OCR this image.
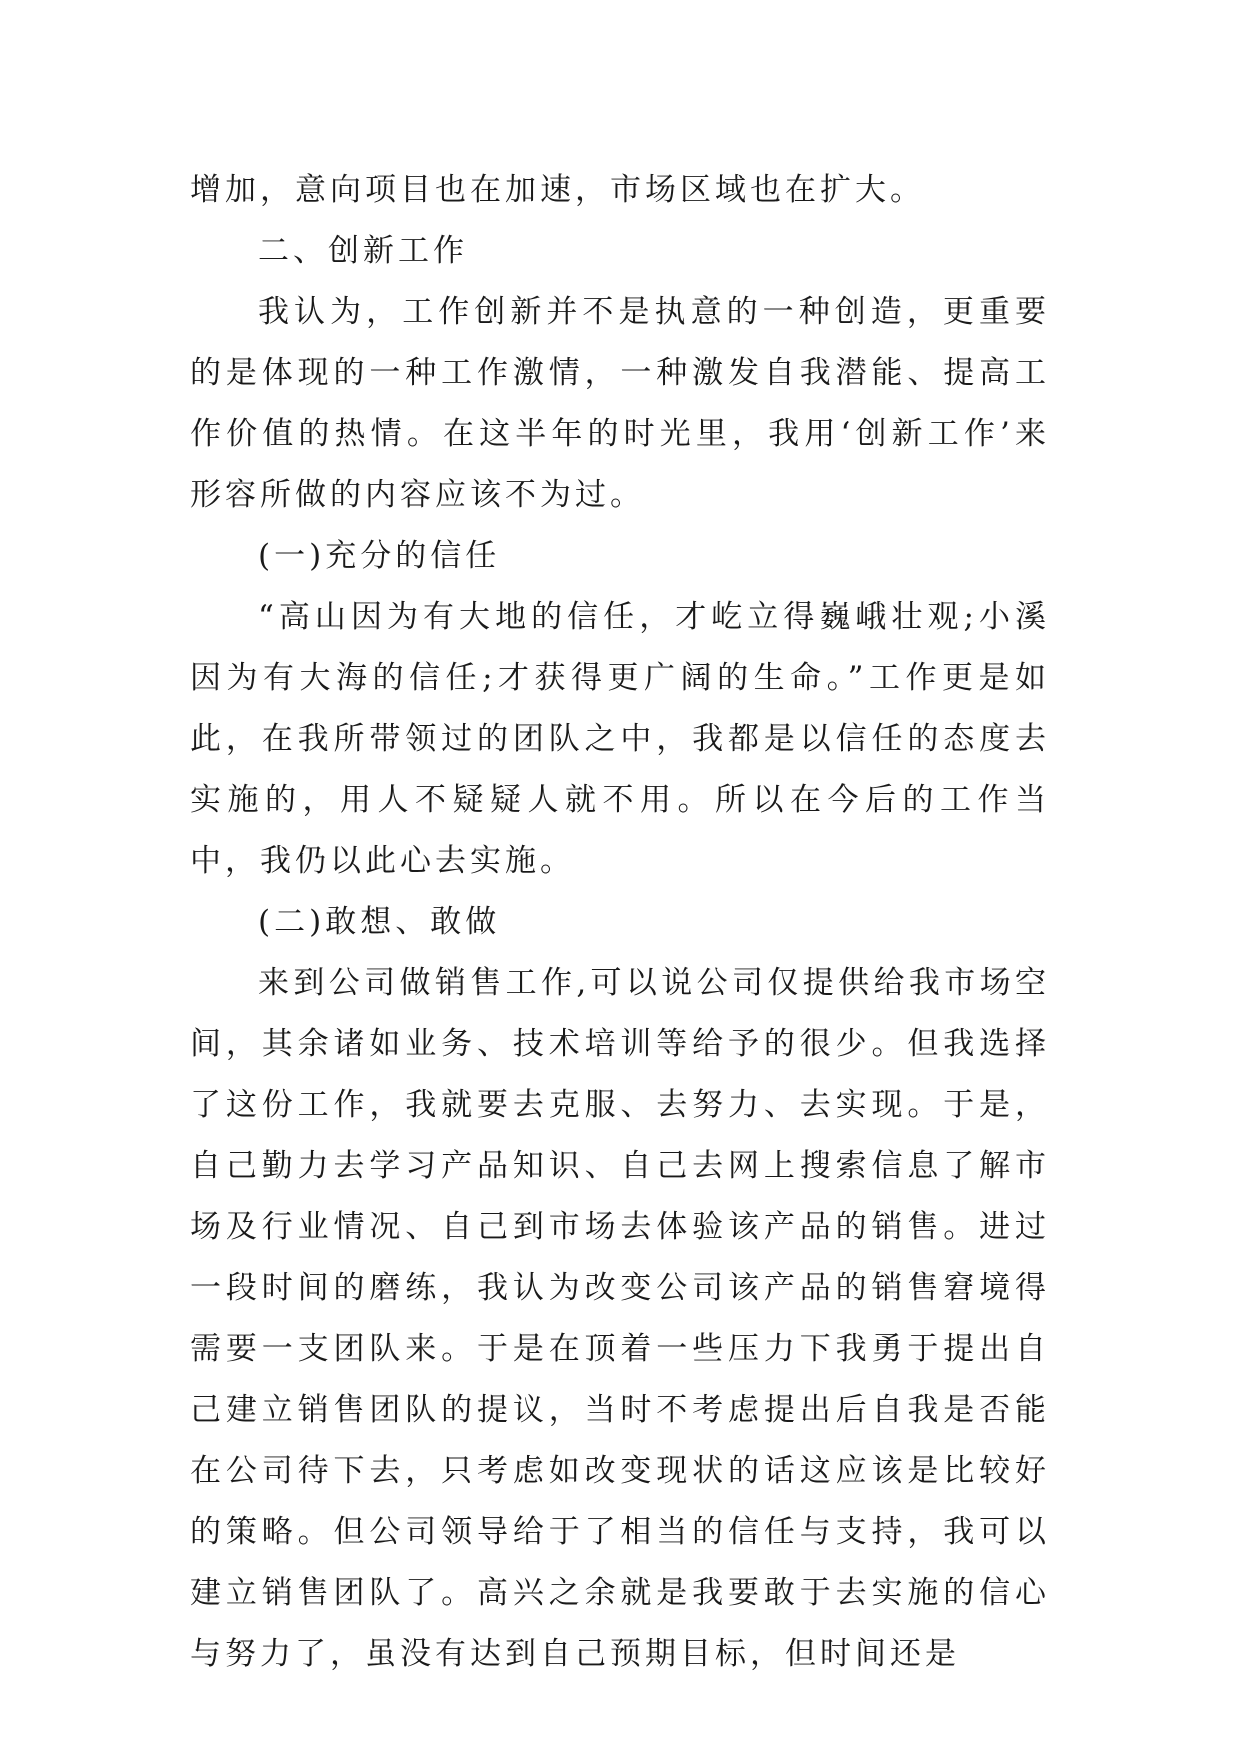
增加，意向项目也在加速，市场区域也在扩大。

二、创新工作

我认为，工作创新并不是执意的一种创造，更重要的是体现的一种工作激情，一种激发自我潜能、提高工作价值的热情。在这半年的时光里，我用‘创新工作’来形容所做的内容应该不为过。

(一)充分的信任

“高山因为有大地的信任，才屹立得巍峨壮观;小溪因为有大海的信任;才获得更广阔的生命。”工作更是如此，在我所带领过的团队之中，我都是以信任的态度去实施的，用人不疑疑人就不用。所以在今后的工作当中，我仍以此心去实施。

(二)敢想、敢做

来到公司做销售工作,可以说公司仅提供给我市场空间，其余诸如业务、技术培训等给予的很少。但我选择了这份工作，我就要去克服、去努力、去实现。于是，自己勤力去学习产品知识、自己去网上搜索信息了解市场及行业情况、自己到市场去体验该产品的销售。进过一段时间的磨练，我认为改变公司该产品的销售窘境得需要一支团队来。于是在顶着一些压力下我勇于提出自己建立销售团队的提议，当时不考虑提出后自我是否能在公司待下去，只考虑如改变现状的话这应该是比较好的策略。但公司领导给于了相当的信任与支持，我可以建立销售团队了。高兴之余就是我要敢于去实施的信心与努力了，虽没有达到自己预期目标，但时间还是
